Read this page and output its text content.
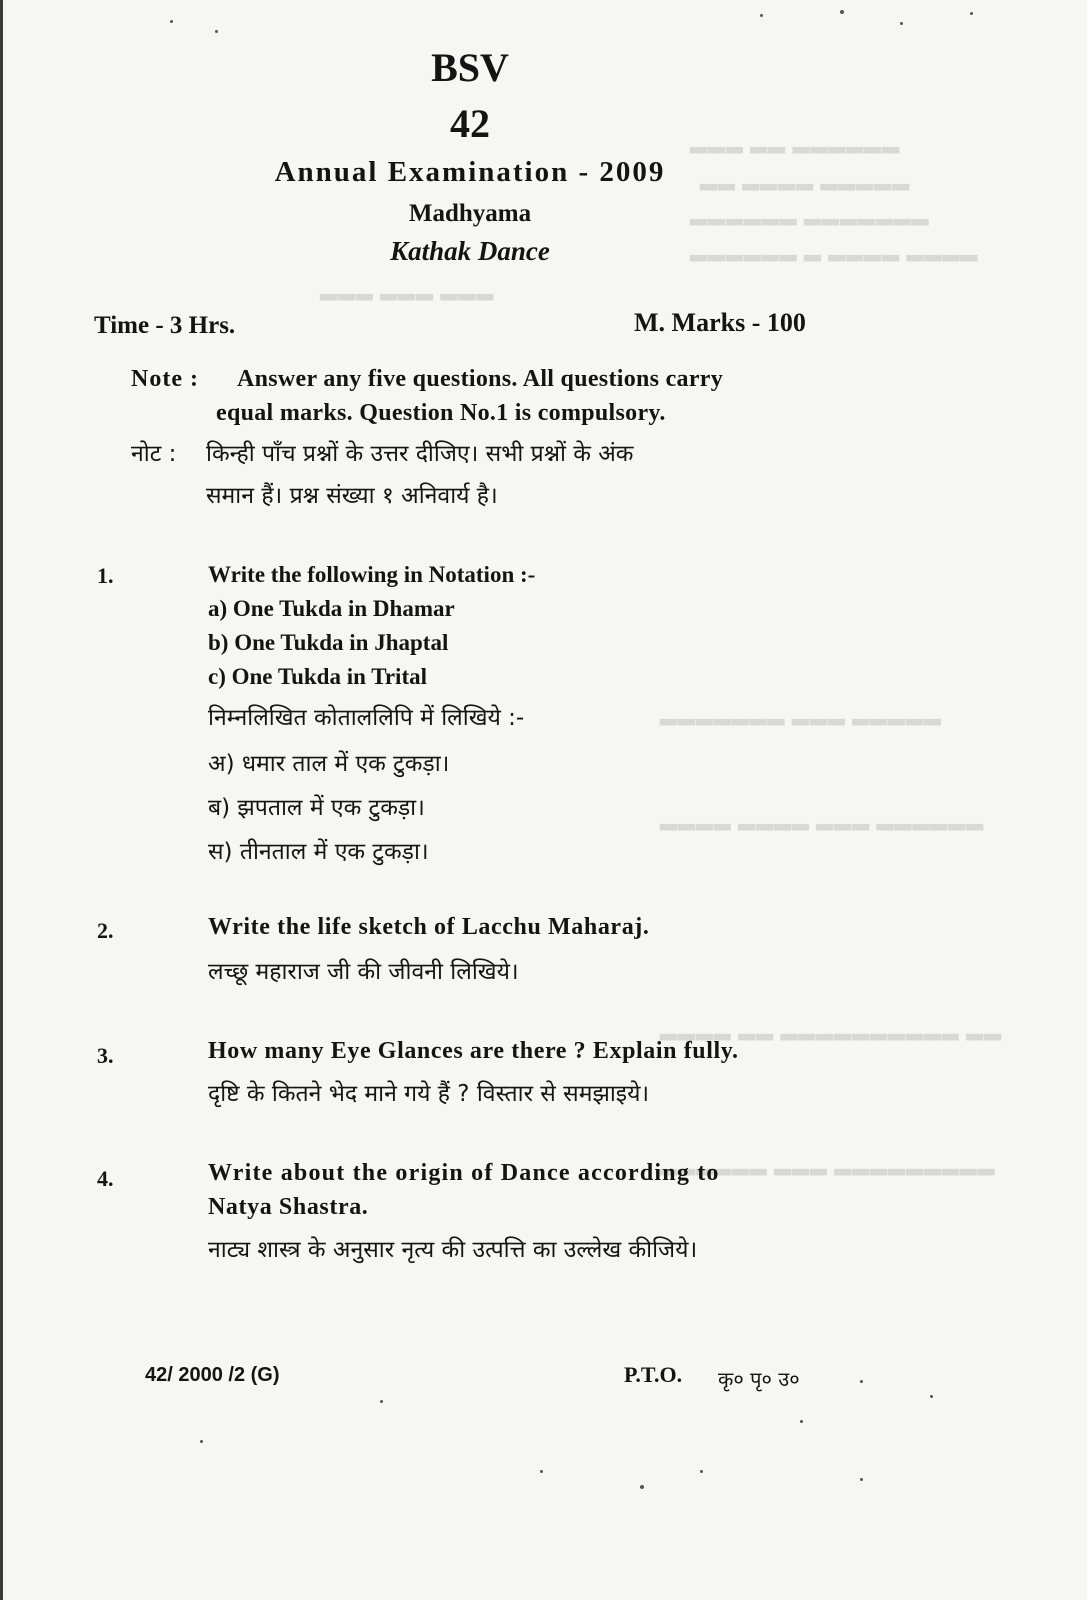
▂▂▂ ▂▂ ▂▂▂▂▂▂
▂▂ ▂▂▂▂ ▂▂▂▂▂
▂▂▂▂▂▂ ▂▂▂▂▂▂▂
▂▂▂▂▂▂ ▂ ▂▂▂▂ ▂▂▂▂
▂▂▂ ▂▂▂ ▂▂▂
▂▂▂▂▂▂▂ ▂▂▂ ▂▂▂▂▂
▂▂▂▂ ▂▂▂▂ ▂▂▂ ▂▂▂▂▂▂
▂▂▂▂ ▂▂ ▂▂▂▂▂▂▂▂▂▂ ▂▂
▂▂▂▂▂▂ ▂▂▂ ▂▂▂▂▂▂▂▂▂
BSV
42
Annual Examination - 2009
Madhyama
Kathak Dance
Time - 3 Hrs.	M. Marks - 100
Note : Answer any five questions. All questions carry
equal marks. Question No.1 is compulsory.
नोट : किन्ही पाँच प्रश्नों के उत्तर दीजिए। सभी प्रश्नों के अंक
समान हैं। प्रश्न संख्या १ अनिवार्य है।
1.	Write the following in Notation :-
a) One Tukda in Dhamar
b) One Tukda in Jhaptal
c) One Tukda in Trital
निम्नलिखित कोताललिपि में लिखिये :-
अ) धमार ताल में एक टुकड़ा।
ब) झपताल में एक टुकड़ा।
स) तीनताल में एक टुकड़ा।
2.	Write the life sketch of Lacchu Maharaj.
लच्छू महाराज जी की जीवनी लिखिये।
3.	How many Eye Glances are there ? Explain fully.
दृष्टि के कितने भेद माने गये हैं ? विस्तार से समझाइये।
4.	Write about the origin of Dance according to
Natya Shastra.
नाट्य शास्त्र के अनुसार नृत्य की उत्पत्ति का उल्लेख कीजिये।
42/ 2000 /2 (G)	P.T.O. कृ० पृ० उ०
